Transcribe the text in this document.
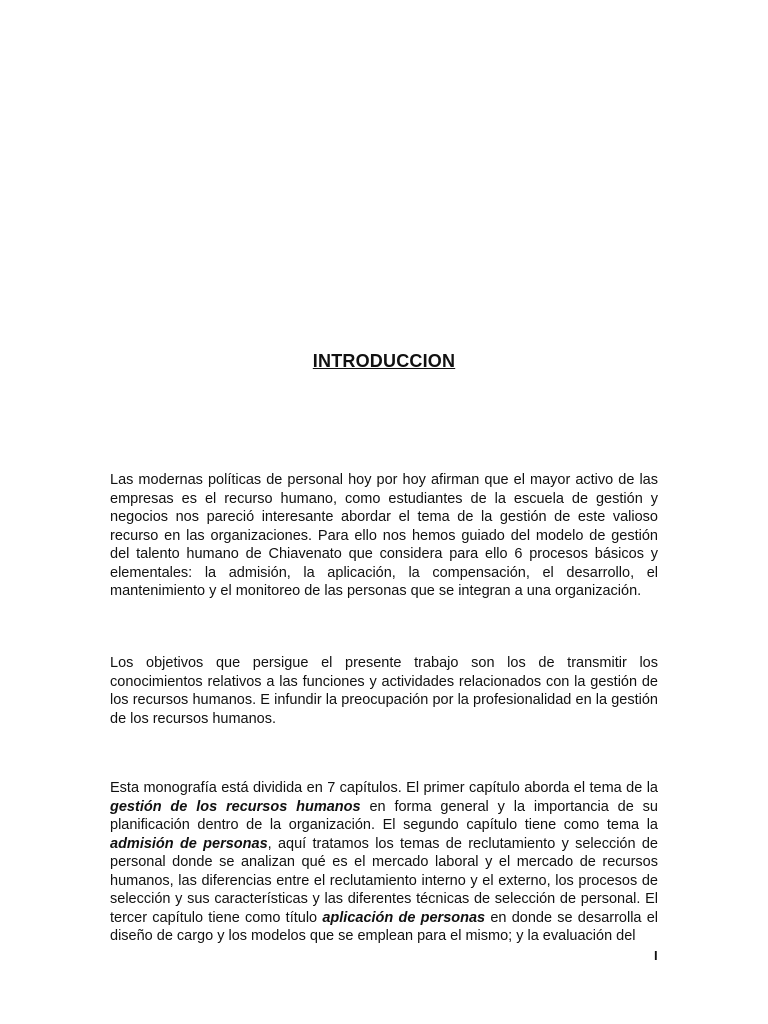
INTRODUCCION

Las modernas políticas de personal hoy por hoy afirman que el mayor activo de las empresas es el recurso humano, como estudiantes de la escuela de gestión y negocios nos pareció interesante abordar el tema de la gestión de este valioso recurso en las organizaciones. Para ello nos hemos guiado del modelo de gestión del talento humano de Chiavenato que considera para ello 6 procesos básicos y elementales: la admisión, la aplicación, la compensación, el desarrollo, el mantenimiento y el monitoreo de las personas que se integran a una organización.

Los objetivos que persigue el presente trabajo son los de transmitir los conocimientos relativos a las funciones y actividades relacionados con la gestión de los recursos humanos. E infundir la preocupación por la profesionalidad en la gestión de los recursos humanos.

Esta monografía está dividida en 7 capítulos. El primer capítulo aborda el tema de la gestión de los recursos humanos en forma general y la importancia de su planificación dentro de la organización. El segundo capítulo tiene como tema la admisión de personas, aquí tratamos los temas de reclutamiento y selección de personal donde se analizan qué es el mercado laboral y el mercado de recursos humanos, las diferencias entre el reclutamiento interno y el externo, los procesos de selección y sus características y las diferentes técnicas de selección de personal. El tercer capítulo tiene como título aplicación de personas en donde se desarrolla el diseño de cargo y los modelos que se emplean para el mismo; y la evaluación del

I
